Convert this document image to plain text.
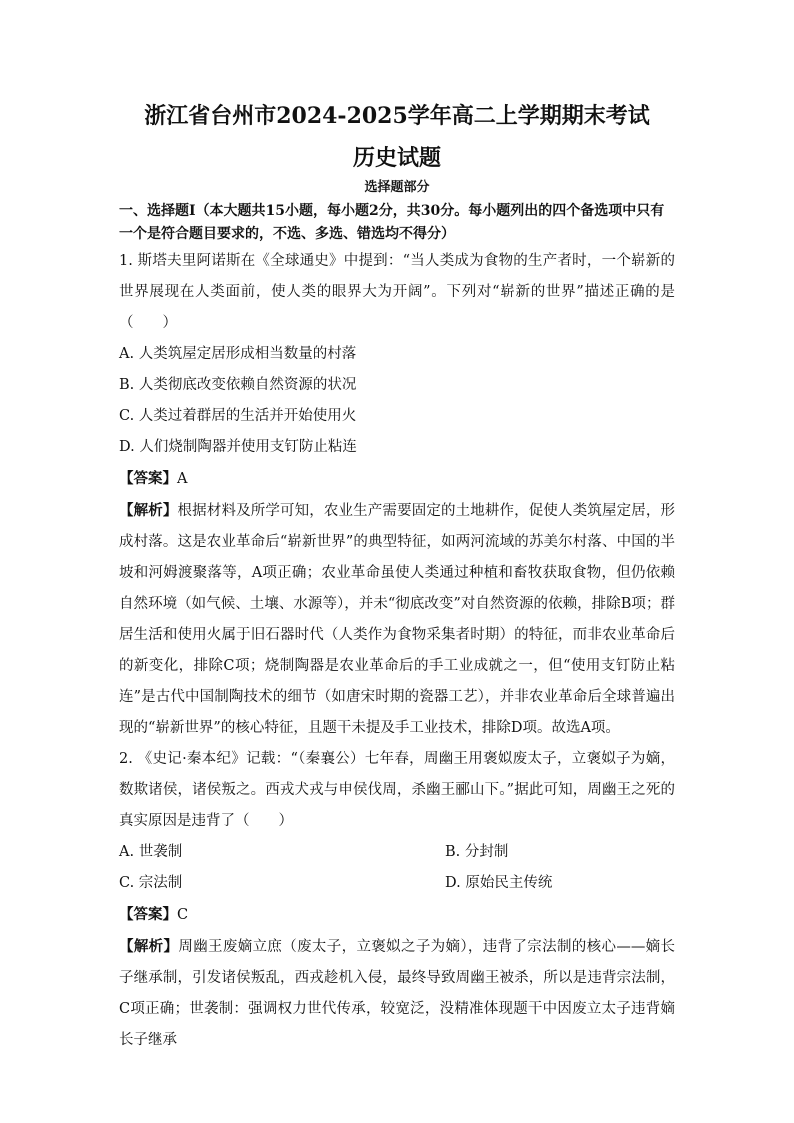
浙江省台州市2024-2025学年高二上学期期末考试
历史试题
选择题部分
一、选择题Ⅰ（本大题共15小题，每小题2分，共30分。每小题列出的四个备选项中只有一个是符合题目要求的，不选、多选、错选均不得分）

1. 斯塔夫里阿诺斯在《全球通史》中提到：“当人类成为食物的生产者时，一个崭新的世界展现在人类面前，使人类的眼界大为开阔”。下列对“崭新的世界”描述正确的是（　　）

A. 人类筑屋定居形成相当数量的村落

B. 人类彻底改变依赖自然资源的状况

C. 人类过着群居的生活并开始使用火

D. 人们烧制陶器并使用支钉防止粘连

【答案】A

【解析】根据材料及所学可知，农业生产需要固定的土地耕作，促使人类筑屋定居，形成村落。这是农业革命后“崭新世界”的典型特征，如两河流域的苏美尔村落、中国的半坡和河姆渡聚落等，A项正确；农业革命虽使人类通过种植和畜牧获取食物，但仍依赖自然环境（如气候、土壤、水源等），并未“彻底改变”对自然资源的依赖，排除B项；群居生活和使用火属于旧石器时代（人类作为食物采集者时期）的特征，而非农业革命后的新变化，排除C项；烧制陶器是农业革命后的手工业成就之一，但“使用支钉防止粘连”是古代中国制陶技术的细节（如唐宋时期的瓷器工艺），并非农业革命后全球普遍出现的“崭新世界”的核心特征，且题干未提及手工业技术，排除D项。故选A项。

2. 《史记·秦本纪》记载：“（秦襄公）七年春，周幽王用褒姒废太子，立褒姒子为嫡，数欺诸侯，诸侯叛之。西戎犬戎与申侯伐周，杀幽王郦山下。”据此可知，周幽王之死的真实原因是违背了（　　）

A. 世袭制	B. 分封制

C. 宗法制	D. 原始民主传统

【答案】C

【解析】周幽王废嫡立庶（废太子，立褒姒之子为嫡），违背了宗法制的核心——嫡长子继承制，引发诸侯叛乱，西戎趁机入侵，最终导致周幽王被杀，所以是违背宗法制，C项正确；世袭制：强调权力世代传承，较宽泛，没精准体现题干中因废立太子违背嫡长子继承
